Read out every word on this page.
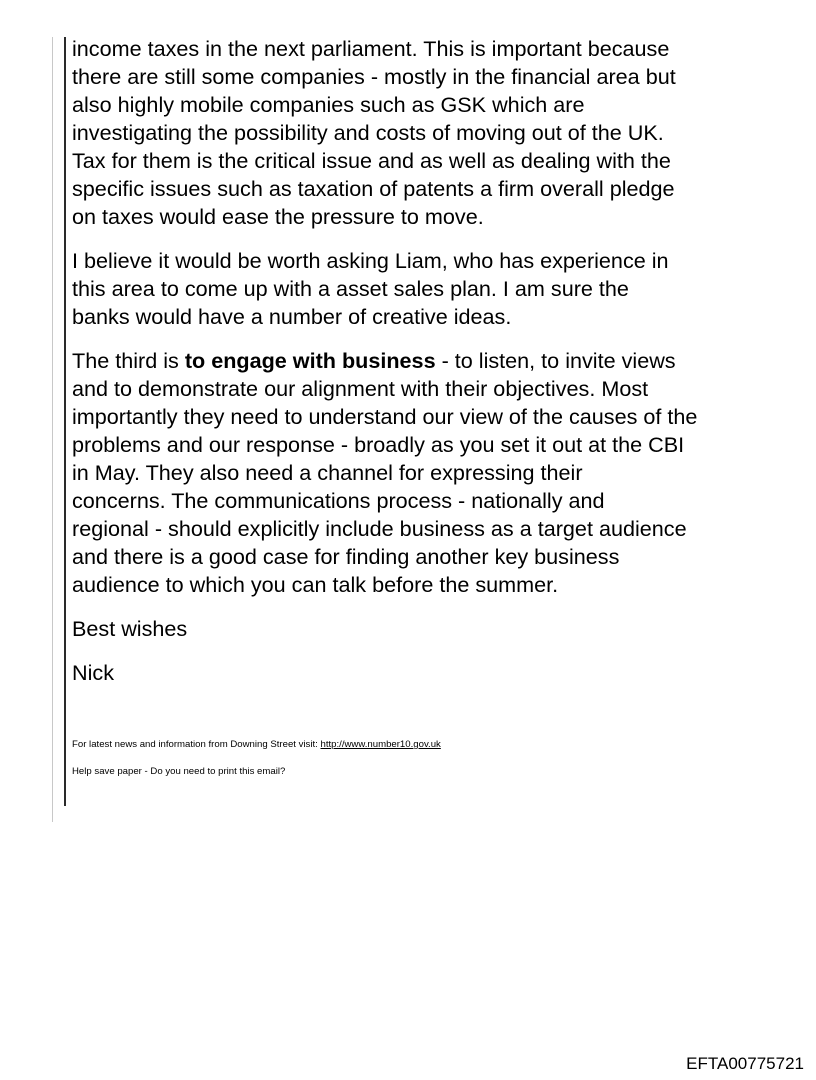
income taxes in the next parliament. This is important because
there are still some companies - mostly in the financial area but
also highly mobile companies such as GSK which are
investigating the possibility and costs of moving out of the UK.
Tax for them is the critical issue and as well as dealing with the
specific issues such as taxation of patents a firm overall pledge
on taxes would ease the pressure to move.

I believe it would be worth asking Liam, who has experience in
this area to come up with a asset sales plan. I am sure the
banks would have a number of creative ideas.

The third is to engage with business - to listen, to invite views
and to demonstrate our alignment with their objectives. Most
importantly they need to understand our view of the causes of the
problems and our response - broadly as you set it out at the CBI
in May. They also need a channel for expressing their
concerns. The communications process - nationally and
regional - should explicitly include business as a target audience
and there is a good case for finding another key business
audience to which you can talk before the summer.

Best wishes

Nick

For latest news and information from Downing Street visit: http://www.number10.gov.uk

Help save paper - Do you need to print this email?

EFTA00775721
